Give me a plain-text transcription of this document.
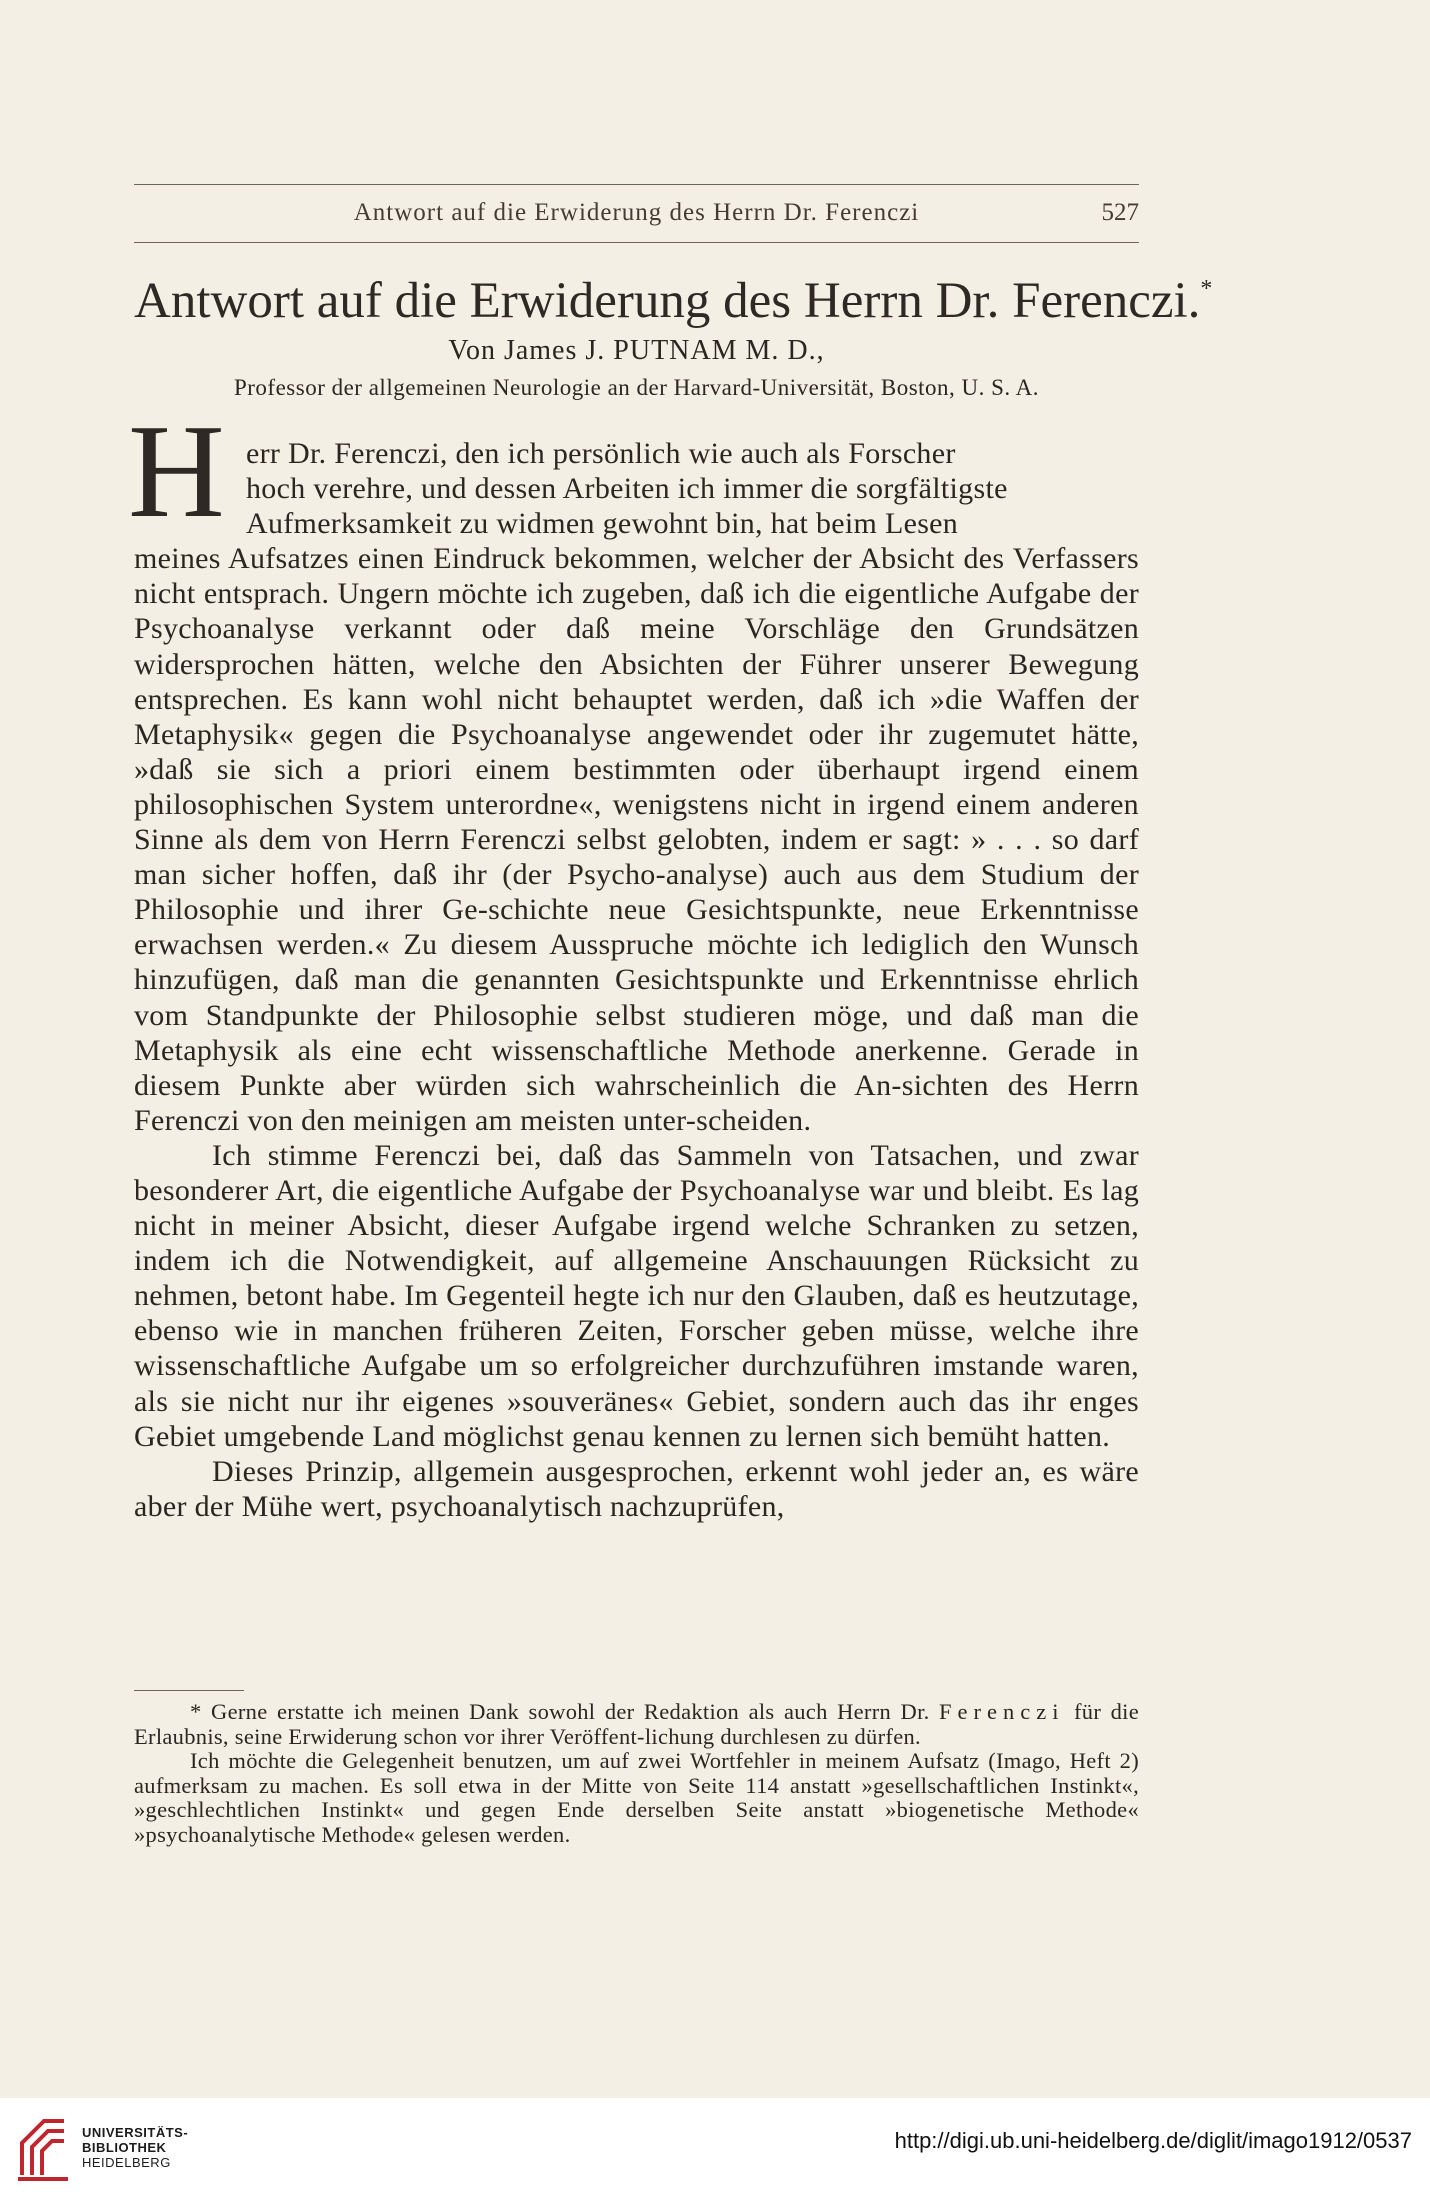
Antwort auf die Erwiderung des Herrn Dr. Ferenczi	527
Antwort auf die Erwiderung des Herrn Dr. Ferenczi.*
Von James J. PUTNAM M. D.,
Professor der allgemeinen Neurologie an der Harvard-Universität, Boston, U. S. A.
H err Dr. Ferenczi, den ich persönlich wie auch als Forscher
hoch verehre, und dessen Arbeiten ich immer die sorgfältigste
Aufmerksamkeit zu widmen gewohnt bin, hat beim Lesen
meines Aufsatzes einen Eindruck bekommen, welcher der Absicht des Verfassers nicht entsprach. Ungern möchte ich zugeben, daß ich die eigentliche Aufgabe der Psychoanalyse verkannt oder daß meine Vorschläge den Grundsätzen widersprochen hätten, welche den Absichten der Führer unserer Bewegung entsprechen. Es kann wohl nicht behauptet werden, daß ich »die Waffen der Metaphysik« gegen die Psychoanalyse angewendet oder ihr zugemutet hätte, »daß sie sich a priori einem bestimmten oder überhaupt irgend einem philosophischen System unterordne«, wenigstens nicht in irgend einem anderen Sinne als dem von Herrn Ferenczi selbst gelobten, indem er sagt: » . . . so darf man sicher hoffen, daß ihr (der Psycho-analyse) auch aus dem Studium der Philosophie und ihrer Ge-schichte neue Gesichtspunkte, neue Erkenntnisse erwachsen werden.« Zu diesem Ausspruche möchte ich lediglich den Wunsch hinzufügen, daß man die genannten Gesichtspunkte und Erkenntnisse ehrlich vom Standpunkte der Philosophie selbst studieren möge, und daß man die Metaphysik als eine echt wissenschaftliche Methode anerkenne. Gerade in diesem Punkte aber würden sich wahrscheinlich die An-sichten des Herrn Ferenczi von den meinigen am meisten unter-scheiden.

Ich stimme Ferenczi bei, daß das Sammeln von Tatsachen, und zwar besonderer Art, die eigentliche Aufgabe der Psychoanalyse war und bleibt. Es lag nicht in meiner Absicht, dieser Aufgabe irgend welche Schranken zu setzen, indem ich die Notwendigkeit, auf allgemeine Anschauungen Rücksicht zu nehmen, betont habe. Im Gegenteil hegte ich nur den Glauben, daß es heutzutage, ebenso wie in manchen früheren Zeiten, Forscher geben müsse, welche ihre wissenschaftliche Aufgabe um so erfolgreicher durchzuführen imstande waren, als sie nicht nur ihr eigenes »souveränes« Gebiet, sondern auch das ihr enges Gebiet umgebende Land möglichst genau kennen zu lernen sich bemüht hatten.

Dieses Prinzip, allgemein ausgesprochen, erkennt wohl jeder an, es wäre aber der Mühe wert, psychoanalytisch nachzuprüfen,

* Gerne erstatte ich meinen Dank sowohl der Redaktion als auch Herrn Dr. Ferenczi für die Erlaubnis, seine Erwiderung schon vor ihrer Veröffent-lichung durchlesen zu dürfen.

Ich möchte die Gelegenheit benutzen, um auf zwei Wortfehler in meinem Aufsatz (Imago, Heft 2) aufmerksam zu machen. Es soll etwa in der Mitte von Seite 114 anstatt »gesellschaftlichen Instinkt«, »geschlechtlichen Instinkt« und gegen Ende derselben Seite anstatt »biogenetische Methode« »psychoanalytische Methode« gelesen werden.

UNIVERSITÄTS-
BIBLIOTHEK
HEIDELBERG
http://digi.ub.uni-heidelberg.de/diglit/imago1912/0537
